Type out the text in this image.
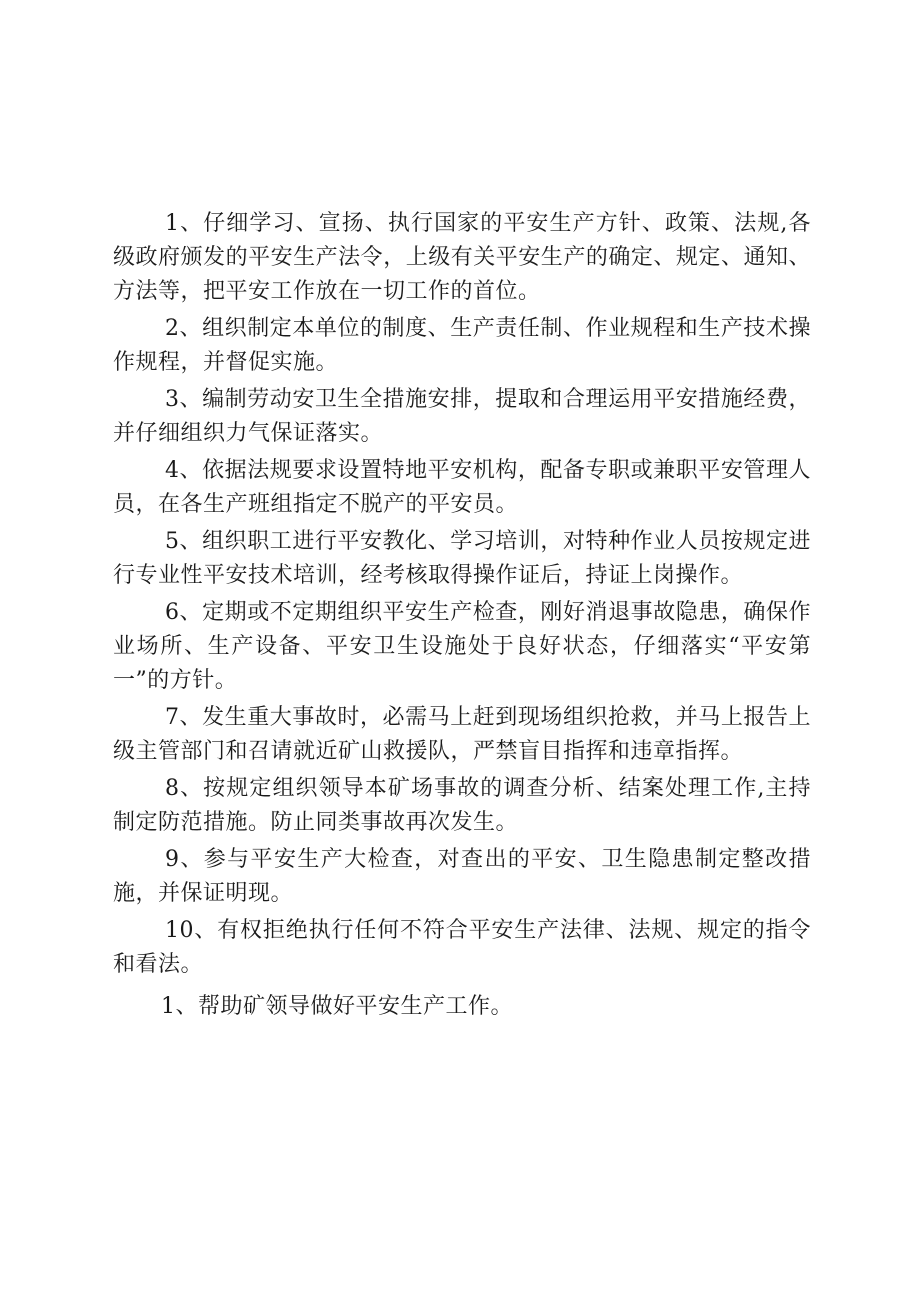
1、仔细学习、宣扬、执行国家的平安生产方针、政策、法规,各级政府颁发的平安生产法令，上级有关平安生产的确定、规定、通知、方法等，把平安工作放在一切工作的首位。

2、组织制定本单位的制度、生产责任制、作业规程和生产技术操作规程，并督促实施。

3、编制劳动安卫生全措施安排，提取和合理运用平安措施经费，并仔细组织力气保证落实。

4、依据法规要求设置特地平安机构，配备专职或兼职平安管理人员，在各生产班组指定不脱产的平安员。

5、组织职工进行平安教化、学习培训，对特种作业人员按规定进行专业性平安技术培训，经考核取得操作证后，持证上岗操作。

6、定期或不定期组织平安生产检查，刚好消退事故隐患，确保作业场所、生产设备、平安卫生设施处于良好状态，仔细落实“平安第一”的方针。

7、发生重大事故时，必需马上赶到现场组织抢救，并马上报告上级主管部门和召请就近矿山救援队，严禁盲目指挥和违章指挥。

8、按规定组织领导本矿场事故的调查分析、结案处理工作,主持制定防范措施。防止同类事故再次发生。

9、参与平安生产大检查，对查出的平安、卫生隐患制定整改措施，并保证明现。

10、有权拒绝执行任何不符合平安生产法律、法规、规定的指令和看法。

1、帮助矿领导做好平安生产工作。
